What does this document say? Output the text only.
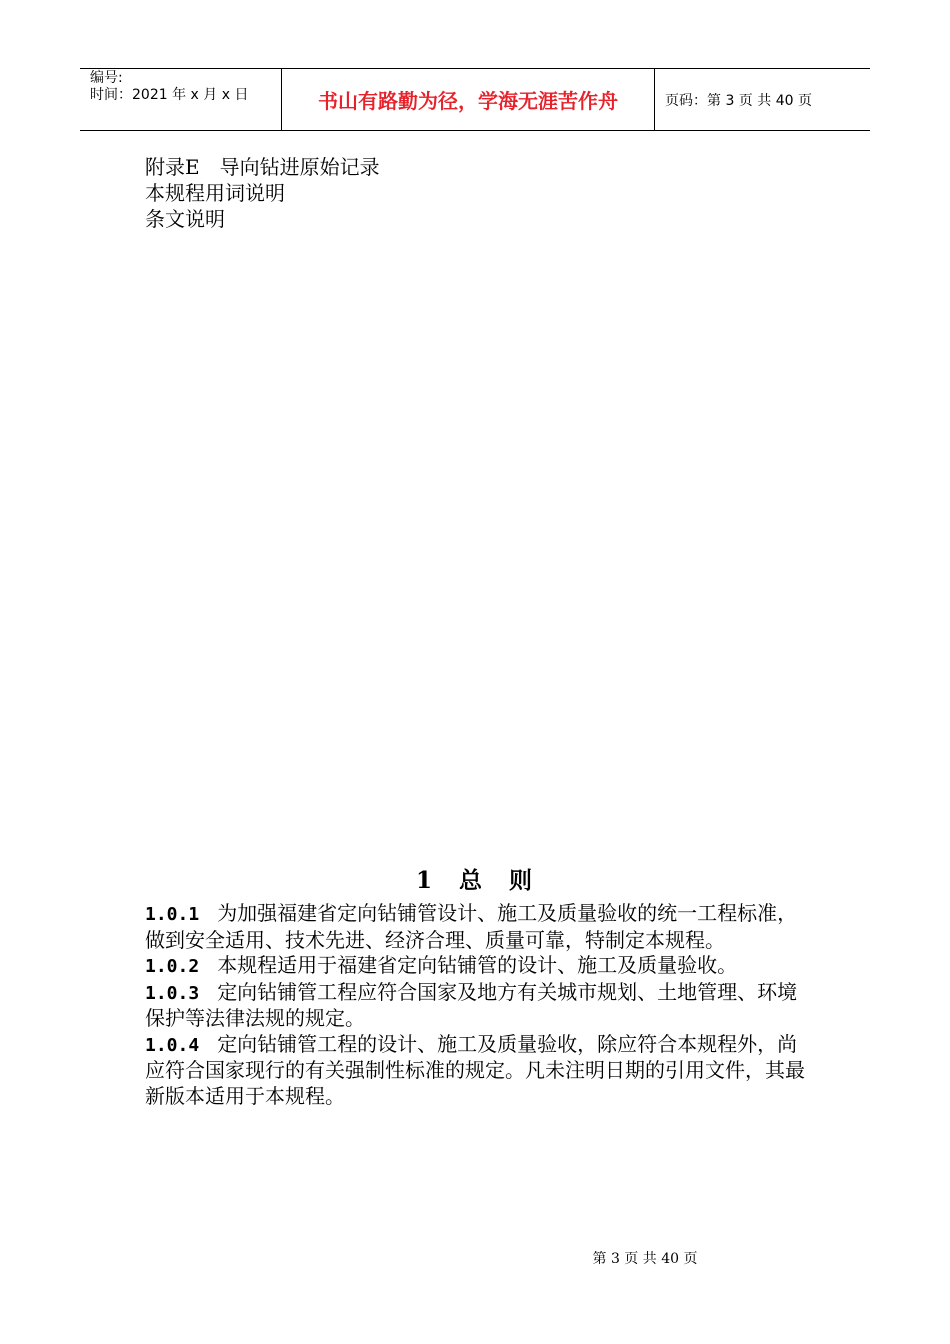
编号:
时间：2021 年 x 月 x 日	书山有路勤为径，学海无涯苦作舟	页码：第 3 页 共 40 页
附录E　导向钻进原始记录
本规程用词说明
条文说明
1　总　则

1.0.1 为加强福建省定向钻铺管设计、施工及质量验收的统一工程标准，做到安全适用、技术先进、经济合理、质量可靠，特制定本规程。

1.0.2 本规程适用于福建省定向钻铺管的设计、施工及质量验收。

1.0.3 定向钻铺管工程应符合国家及地方有关城市规划、土地管理、环境保护等法律法规的规定。

1.0.4 定向钻铺管工程的设计、施工及质量验收，除应符合本规程外，尚应符合国家现行的有关强制性标准的规定。凡未注明日期的引用文件，其最新版本适用于本规程。

第 3 页 共 40 页
